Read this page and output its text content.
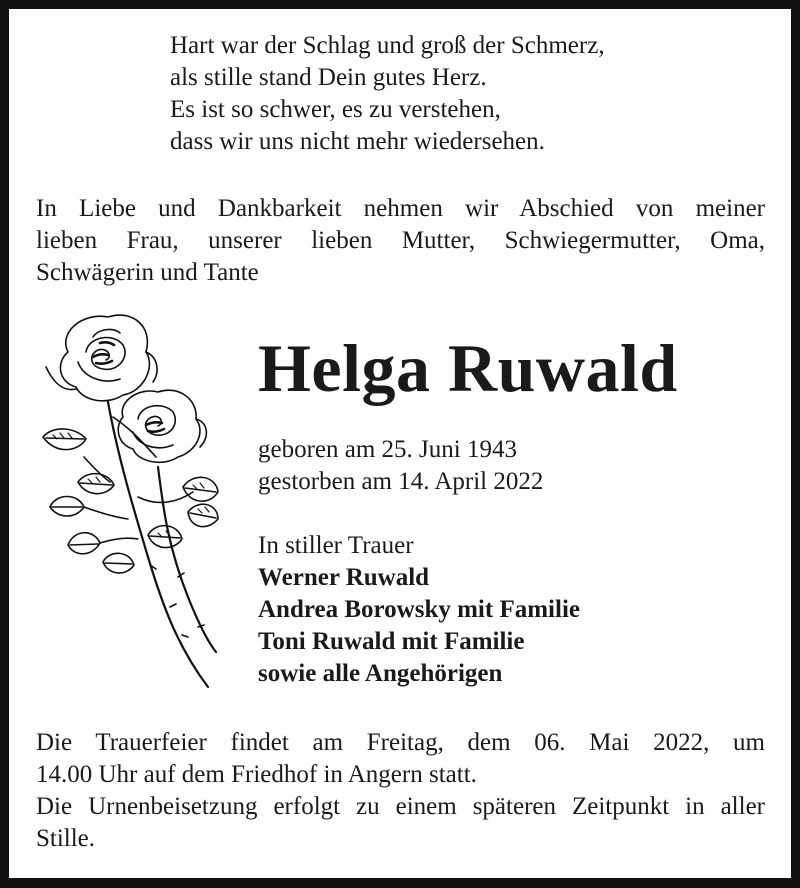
Hart war der Schlag und groß der Schmerz,
als stille stand Dein gutes Herz.
Es ist so schwer, es zu verstehen,
dass wir uns nicht mehr wiedersehen.
In Liebe und Dankbarkeit nehmen wir Abschied von meiner
lieben Frau, unserer lieben Mutter, Schwiegermutter, Oma,
Schwägerin und Tante
Helga Ruwald
geboren am 25. Juni 1943
gestorben am 14. April 2022
In stiller Trauer
Werner Ruwald
Andrea Borowsky mit Familie
Toni Ruwald mit Familie
sowie alle Angehörigen
Die Trauerfeier findet am Freitag, dem 06. Mai 2022, um
14.00 Uhr auf dem Friedhof in Angern statt.
Die Urnenbeisetzung erfolgt zu einem späteren Zeitpunkt in aller
Stille.
